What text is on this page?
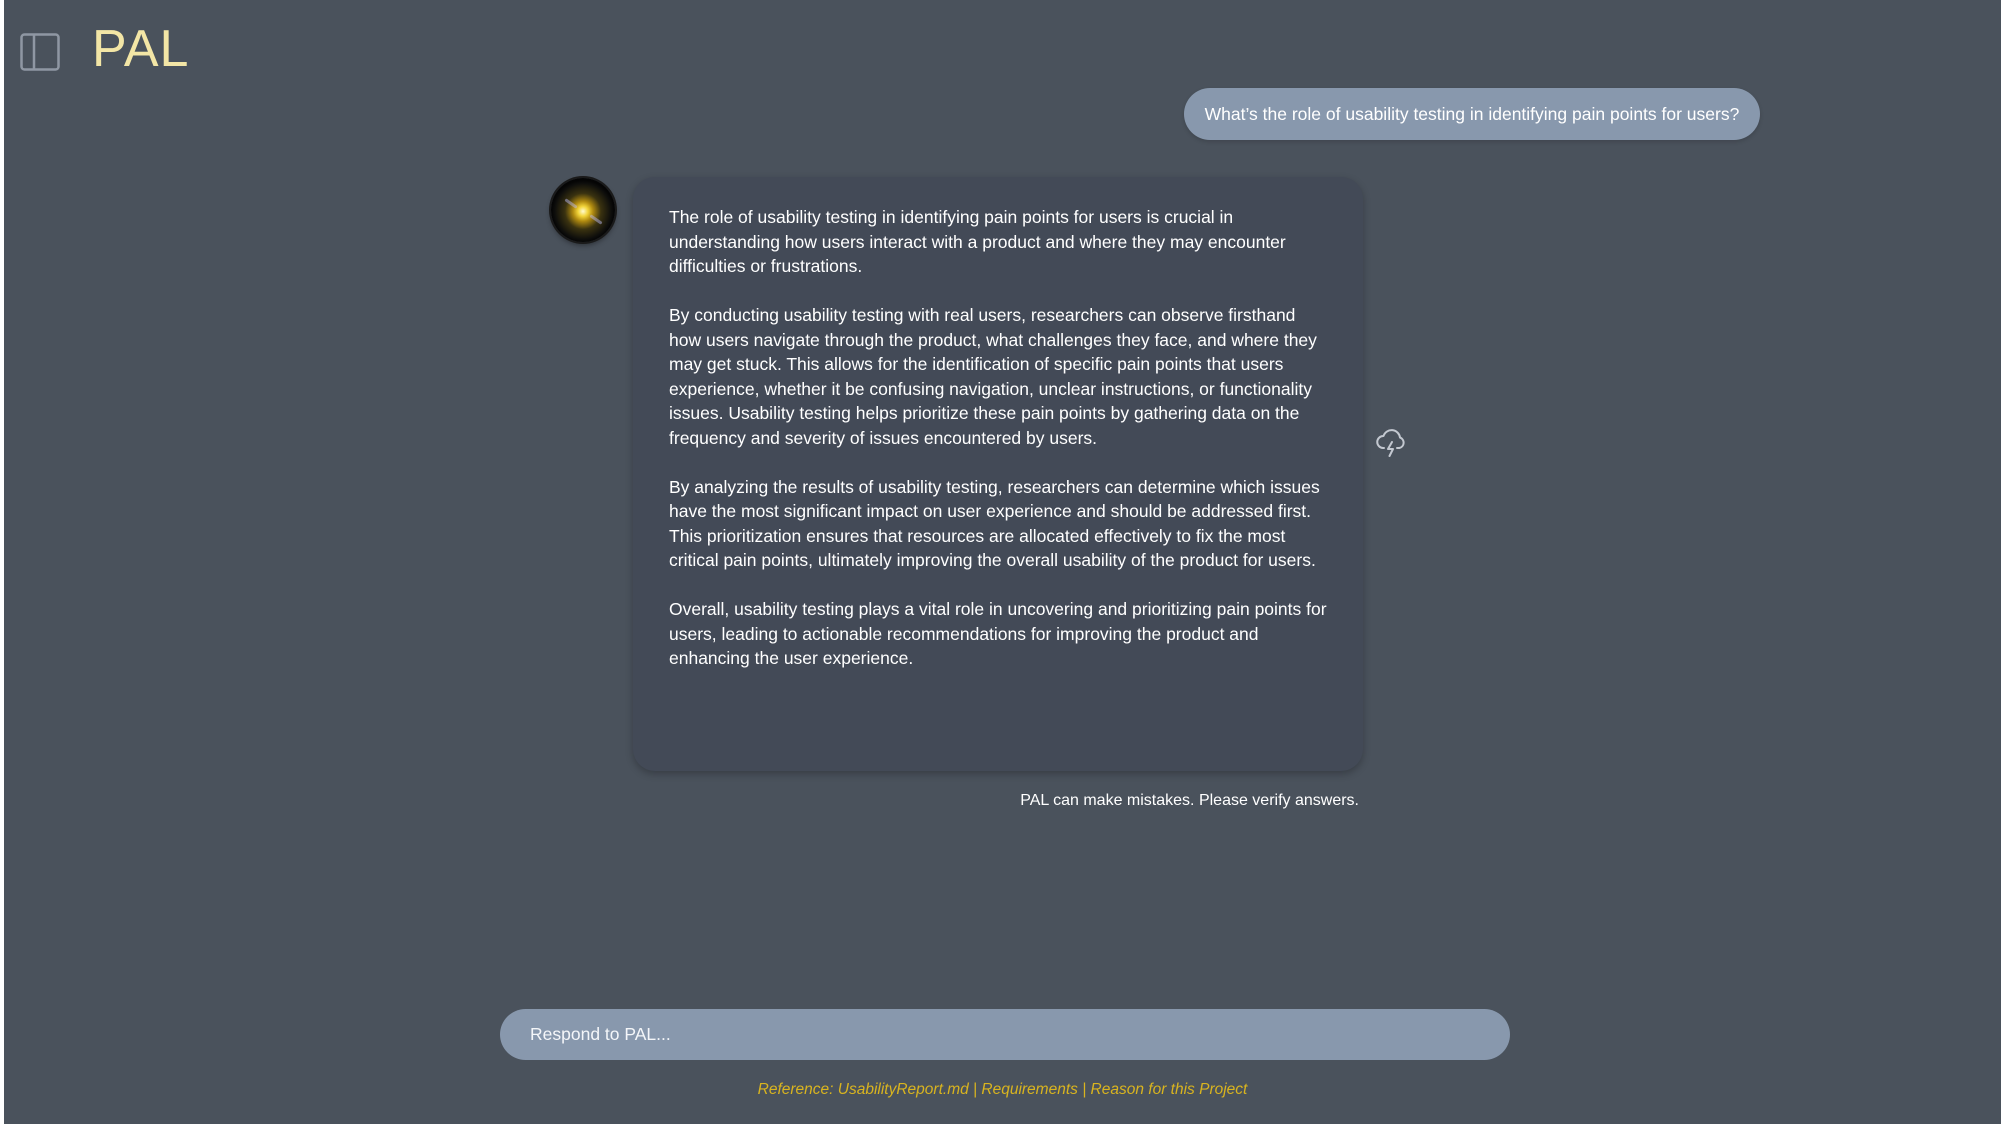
PAL
What’s the role of usability testing in identifying pain points for users?

The role of usability testing in identifying pain points for users is crucial in understanding how users interact with a product and where they may encounter difficulties or frustrations.

By conducting usability testing with real users, researchers can observe firsthand how users navigate through the product, what challenges they face, and where they may get stuck. This allows for the identification of specific pain points that users experience, whether it be confusing navigation, unclear instructions, or functionality issues. Usability testing helps prioritize these pain points by gathering data on the frequency and severity of issues encountered by users.

By analyzing the results of usability testing, researchers can determine which issues have the most significant impact on user experience and should be addressed first. This prioritization ensures that resources are allocated effectively to fix the most critical pain points, ultimately improving the overall usability of the product for users.

Overall, usability testing plays a vital role in uncovering and prioritizing pain points for users, leading to actionable recommendations for improving the product and enhancing the user experience.

PAL can make mistakes. Please verify answers.
Respond to PAL...
Reference: UsabilityReport.md | Requirements | Reason for this Project
